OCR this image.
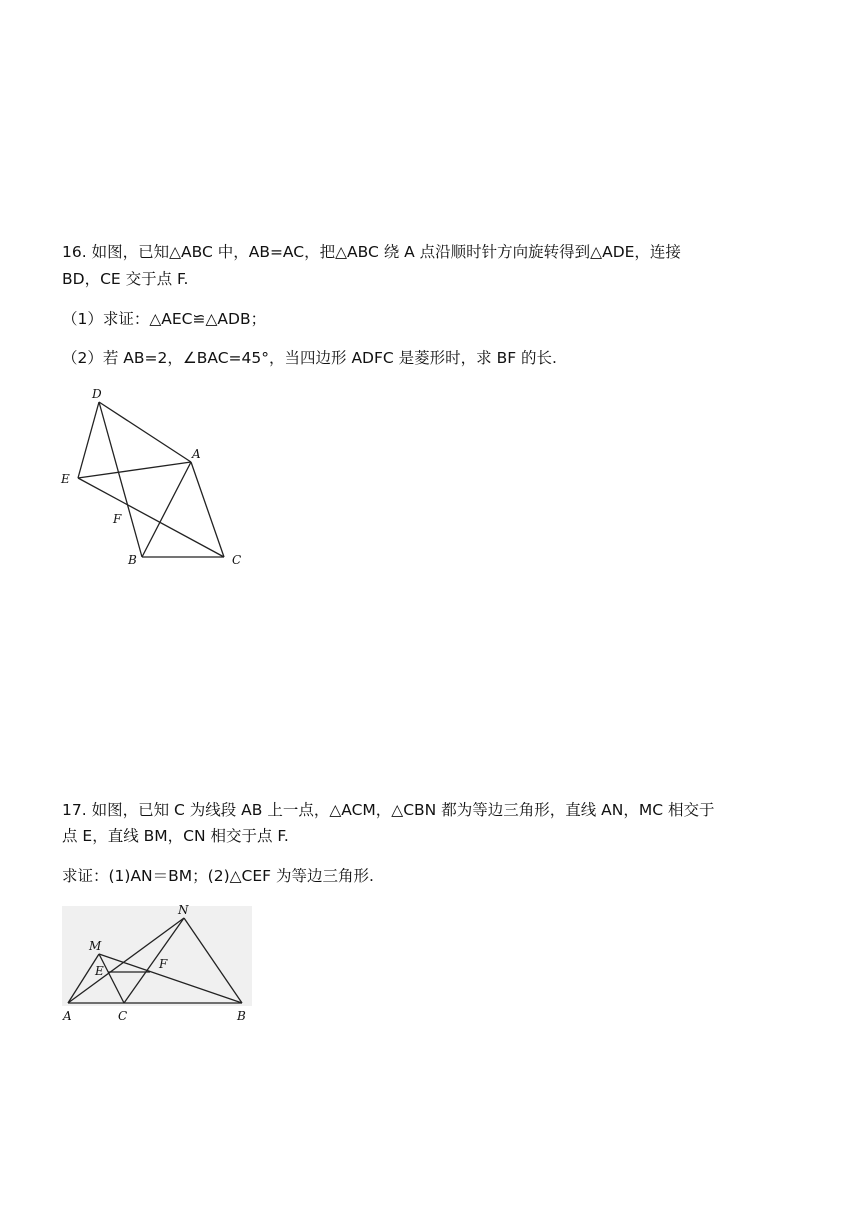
16. 如图，已知△ABC 中，AB=AC，把△ABC 绕 A 点沿顺时针方向旋转得到△ADE，连接
BD，CE 交于点 F.
（1）求证：△AEC≌△ADB；
（2）若 AB=2，∠BAC=45°，当四边形 ADFC 是菱形时，求 BF 的长.
D
A
E
F
B	C
17. 如图，已知 C 为线段 AB 上一点，△ACM，△CBN 都为等边三角形，直线 AN，MC 相交于
点 E，直线 BM，CN 相交于点 F.
求证：(1)AN＝BM；(2)△CEF 为等边三角形.
N
M
E	F
A	C	B
